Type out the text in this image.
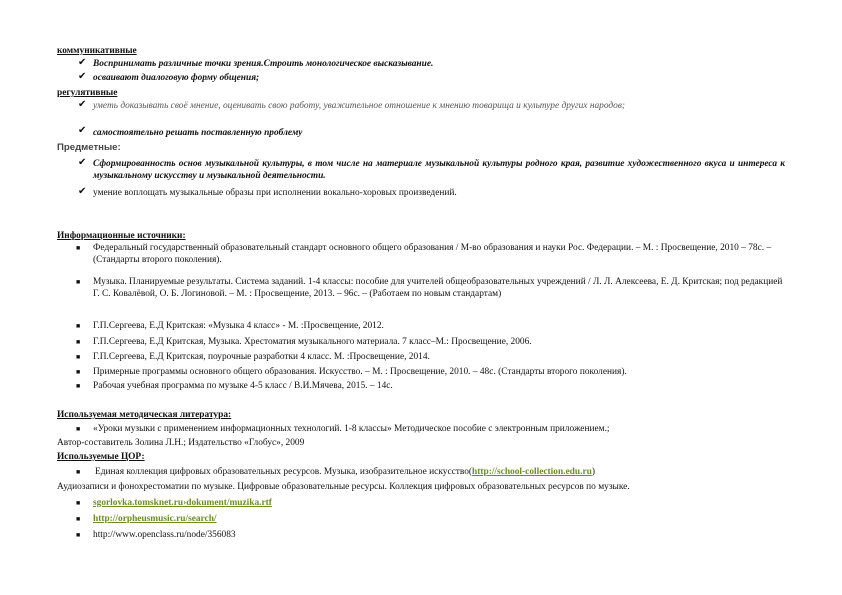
коммуникативные
✔ Воспринимать различные точки зрения.Строить монологическое высказывание.
✔ осваивают диалоговую форму общения;
регулятивные
✔ уметь доказывать своё мнение, оценивать свою работу, уважительное отношение к мнению товарища и культуре других народов;
✔ самостоятельно решать поставленную проблему
Предметные:
✔ Сформированность основ музыкальной культуры, в том числе на материале музыкальной культуры родного края, развитие художественного вкуса и интереса к музыкальному искусству и музыкальной деятельности.
✔ умение воплощать музыкальные образы при исполнении вокально-хоровых произведений.
Информационные источники:
■ Федеральный государственный образовательный стандарт основного общего образования / М-во образования и науки Рос. Федерации. – М. : Просвещение, 2010 – 78с. – (Стандарты второго поколения).
■ Музыка. Планируемые результаты. Система заданий. 1-4 классы: пособие для учителей общеобразовательных учреждений / Л. Л. Алексеева, Е. Д. Критская; под редакцией Г. С. Ковалёвой, О. Б. Логиновой. – М. : Просвещение, 2013. – 96с. – (Работаем по новым стандартам)
■ Г.П.Сергеева, Е.Д Критская: «Музыка 4 класс» - М. :Просвещение, 2012.
■ Г.П.Сергеева, Е.Д Критская, Музыка. Хрестоматия музыкального материала. 7 класс–М.: Просвещение, 2006.
■ Г.П.Сергеева, Е.Д Критская, поурочные разработки 4 класс. М. :Просвещение, 2014.
■ Примерные программы основного общего образования. Искусство. – М. : Просвещение, 2010. – 48с. (Стандарты второго поколения).
■ Рабочая учебная программа по музыке 4-5 класс / В.И.Мячева, 2015. – 14с.
Используемая методическая литература:
■ «Уроки музыки с применением информационных технологий. 1-8 классы» Методическое пособие с электронным приложением.;
Автор-составитель Золина Л.Н.; Издательство «Глобус», 2009
Используемые ЦОР:
■ Единая коллекция цифровых образовательных ресурсов. Музыка, изобразительное искусство(http://school-collection.edu.ru)
Аудиозаписи и фонохрестоматии по музыке. Цифровые образовательные ресурсы. Коллекция цифровых образовательных ресурсов по музыке.
■ sgorlovka.tomsknet.ru›dokument/muzika.rtf
■ http://orpheusmusic.ru/search/
■ http://www.openclass.ru/node/356083
